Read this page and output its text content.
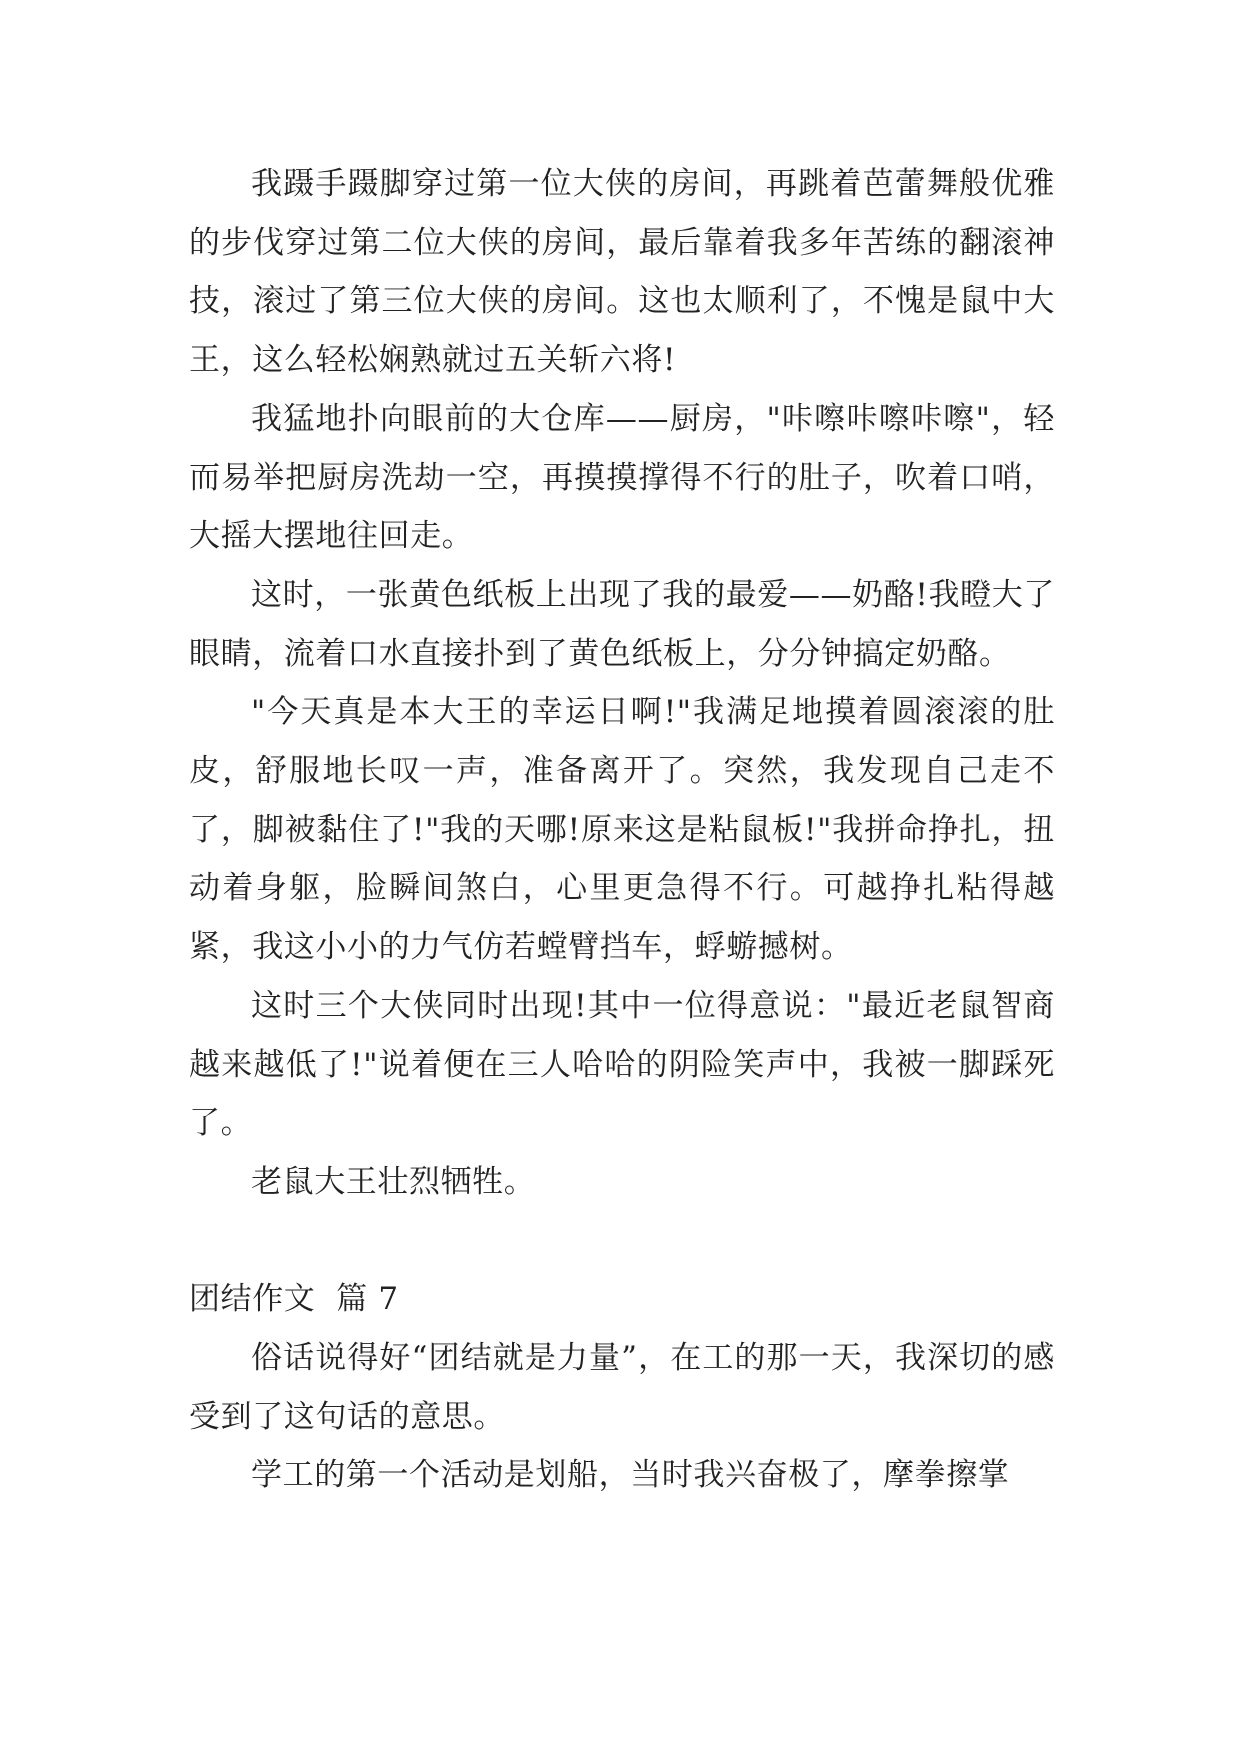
我蹑手蹑脚穿过第一位大侠的房间，再跳着芭蕾舞般优雅的步伐穿过第二位大侠的房间，最后靠着我多年苦练的翻滚神技，滚过了第三位大侠的房间。这也太顺利了，不愧是鼠中大王，这么轻松娴熟就过五关斩六将!

我猛地扑向眼前的大仓库——厨房，"咔嚓咔嚓咔嚓"，轻而易举把厨房洗劫一空，再摸摸撑得不行的肚子，吹着口哨，大摇大摆地往回走。

这时，一张黄色纸板上出现了我的最爱——奶酪!我瞪大了眼睛，流着口水直接扑到了黄色纸板上，分分钟搞定奶酪。

"今天真是本大王的幸运日啊!"我满足地摸着圆滚滚的肚皮，舒服地长叹一声，准备离开了。突然，我发现自己走不了，脚被黏住了!"我的天哪!原来这是粘鼠板!"我拼命挣扎，扭动着身躯，脸瞬间煞白，心里更急得不行。可越挣扎粘得越紧，我这小小的力气仿若螳臂挡车，蜉蝣撼树。

这时三个大侠同时出现!其中一位得意说："最近老鼠智商越来越低了!"说着便在三人哈哈的阴险笑声中，我被一脚踩死了。

老鼠大王壮烈牺牲。

团结作文  篇 7

俗话说得好“团结就是力量”，在工的那一天，我深切的感受到了这句话的意思。

学工的第一个活动是划船，当时我兴奋极了，摩拳擦掌
